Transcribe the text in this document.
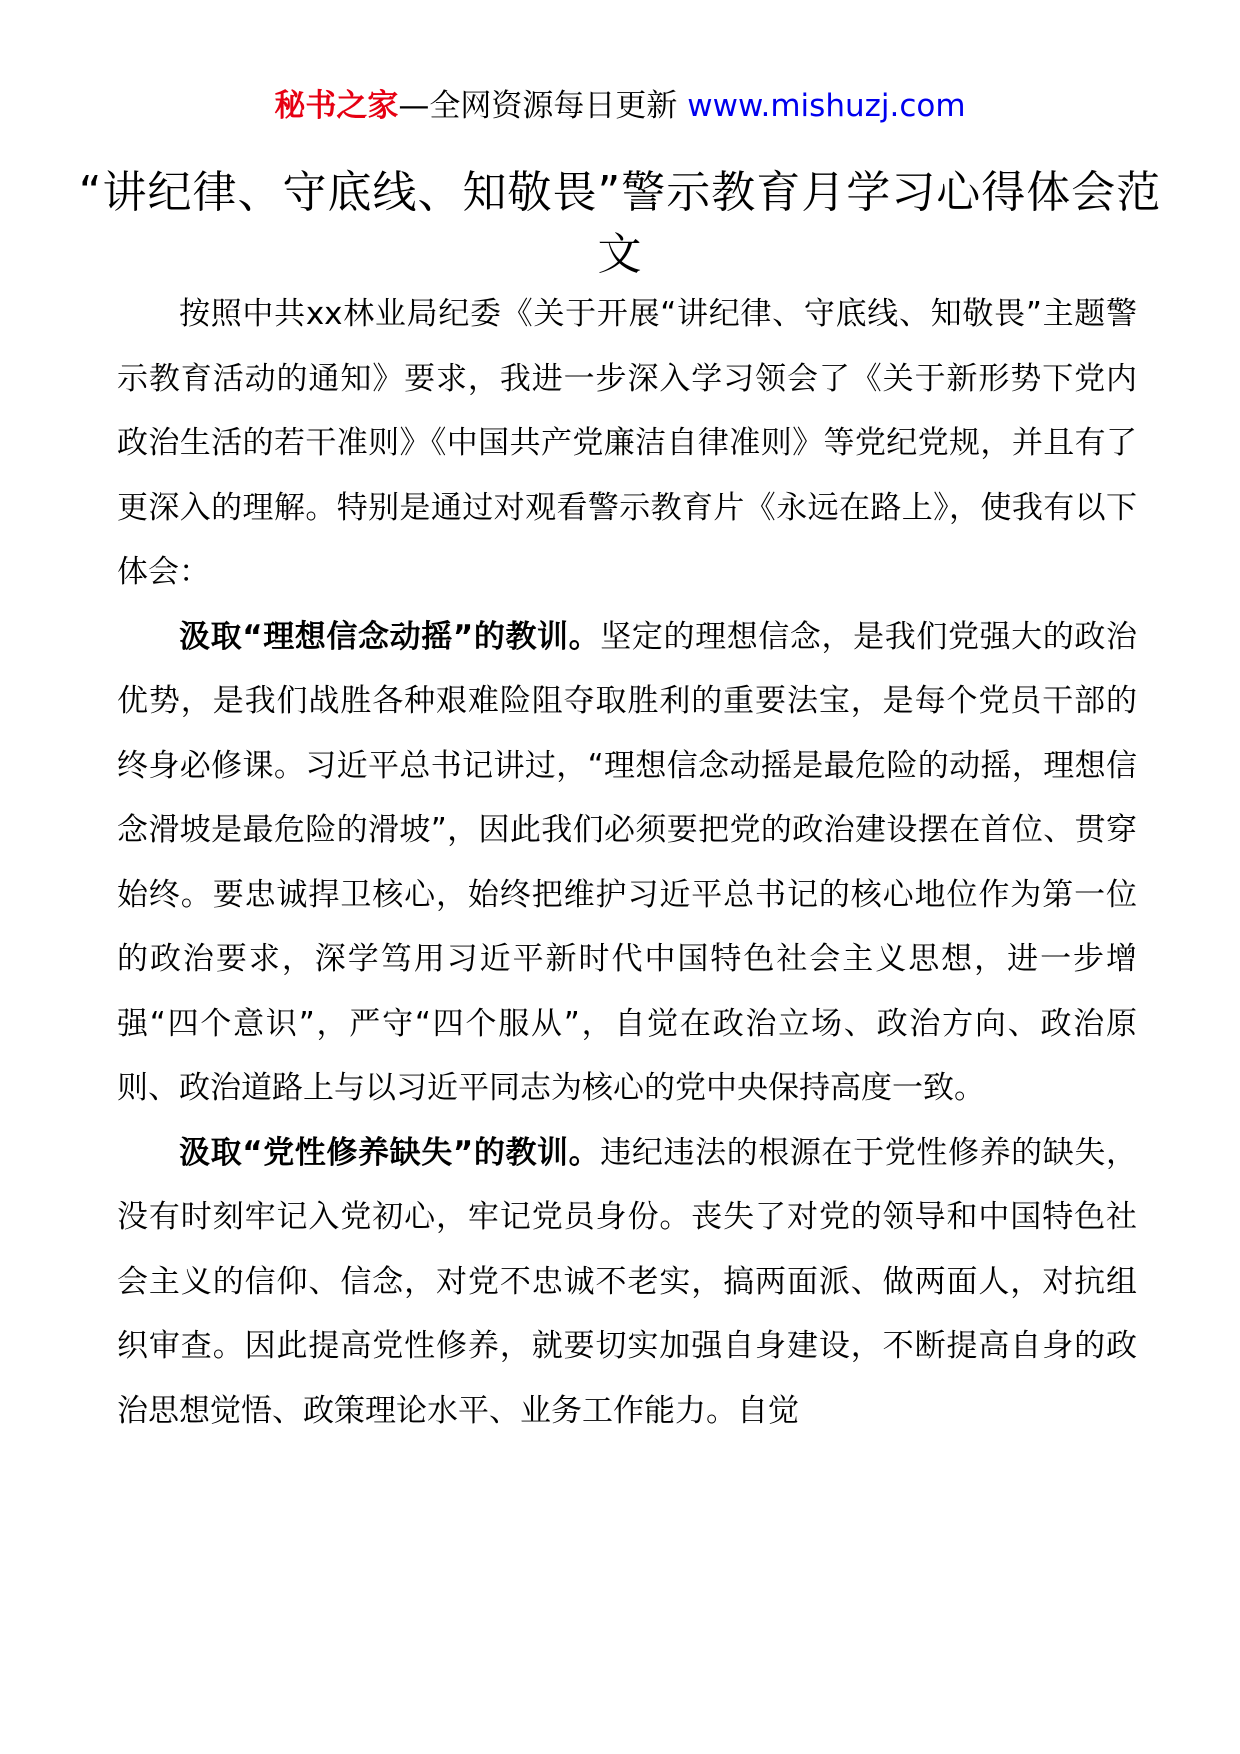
秘书之家—全网资源每日更新 www.mishuzj.com
“讲纪律、守底线、知敬畏”警示教育月学习心得体会范文

按照中共xx林业局纪委《关于开展“讲纪律、守底线、知敬畏”主题警示教育活动的通知》要求，我进一步深入学习领会了《关于新形势下党内政治生活的若干准则》《中国共产党廉洁自律准则》等党纪党规，并且有了更深入的理解。特别是通过对观看警示教育片《永远在路上》，使我有以下体会：

汲取“理想信念动摇”的教训。坚定的理想信念，是我们党强大的政治优势，是我们战胜各种艰难险阻夺取胜利的重要法宝，是每个党员干部的终身必修课。习近平总书记讲过，“理想信念动摇是最危险的动摇，理想信念滑坡是最危险的滑坡”，因此我们必须要把党的政治建设摆在首位、贯穿始终。要忠诚捍卫核心，始终把维护习近平总书记的核心地位作为第一位的政治要求，深学笃用习近平新时代中国特色社会主义思想，进一步增强“四个意识”，严守“四个服从”，自觉在政治立场、政治方向、政治原则、政治道路上与以习近平同志为核心的党中央保持高度一致。

汲取“党性修养缺失”的教训。违纪违法的根源在于党性修养的缺失，没有时刻牢记入党初心，牢记党员身份。丧失了对党的领导和中国特色社会主义的信仰、信念，对党不忠诚不老实，搞两面派、做两面人，对抗组织审查。因此提高党性修养，就要切实加强自身建设，不断提高自身的政治思想觉悟、政策理论水平、业务工作能力。自觉
